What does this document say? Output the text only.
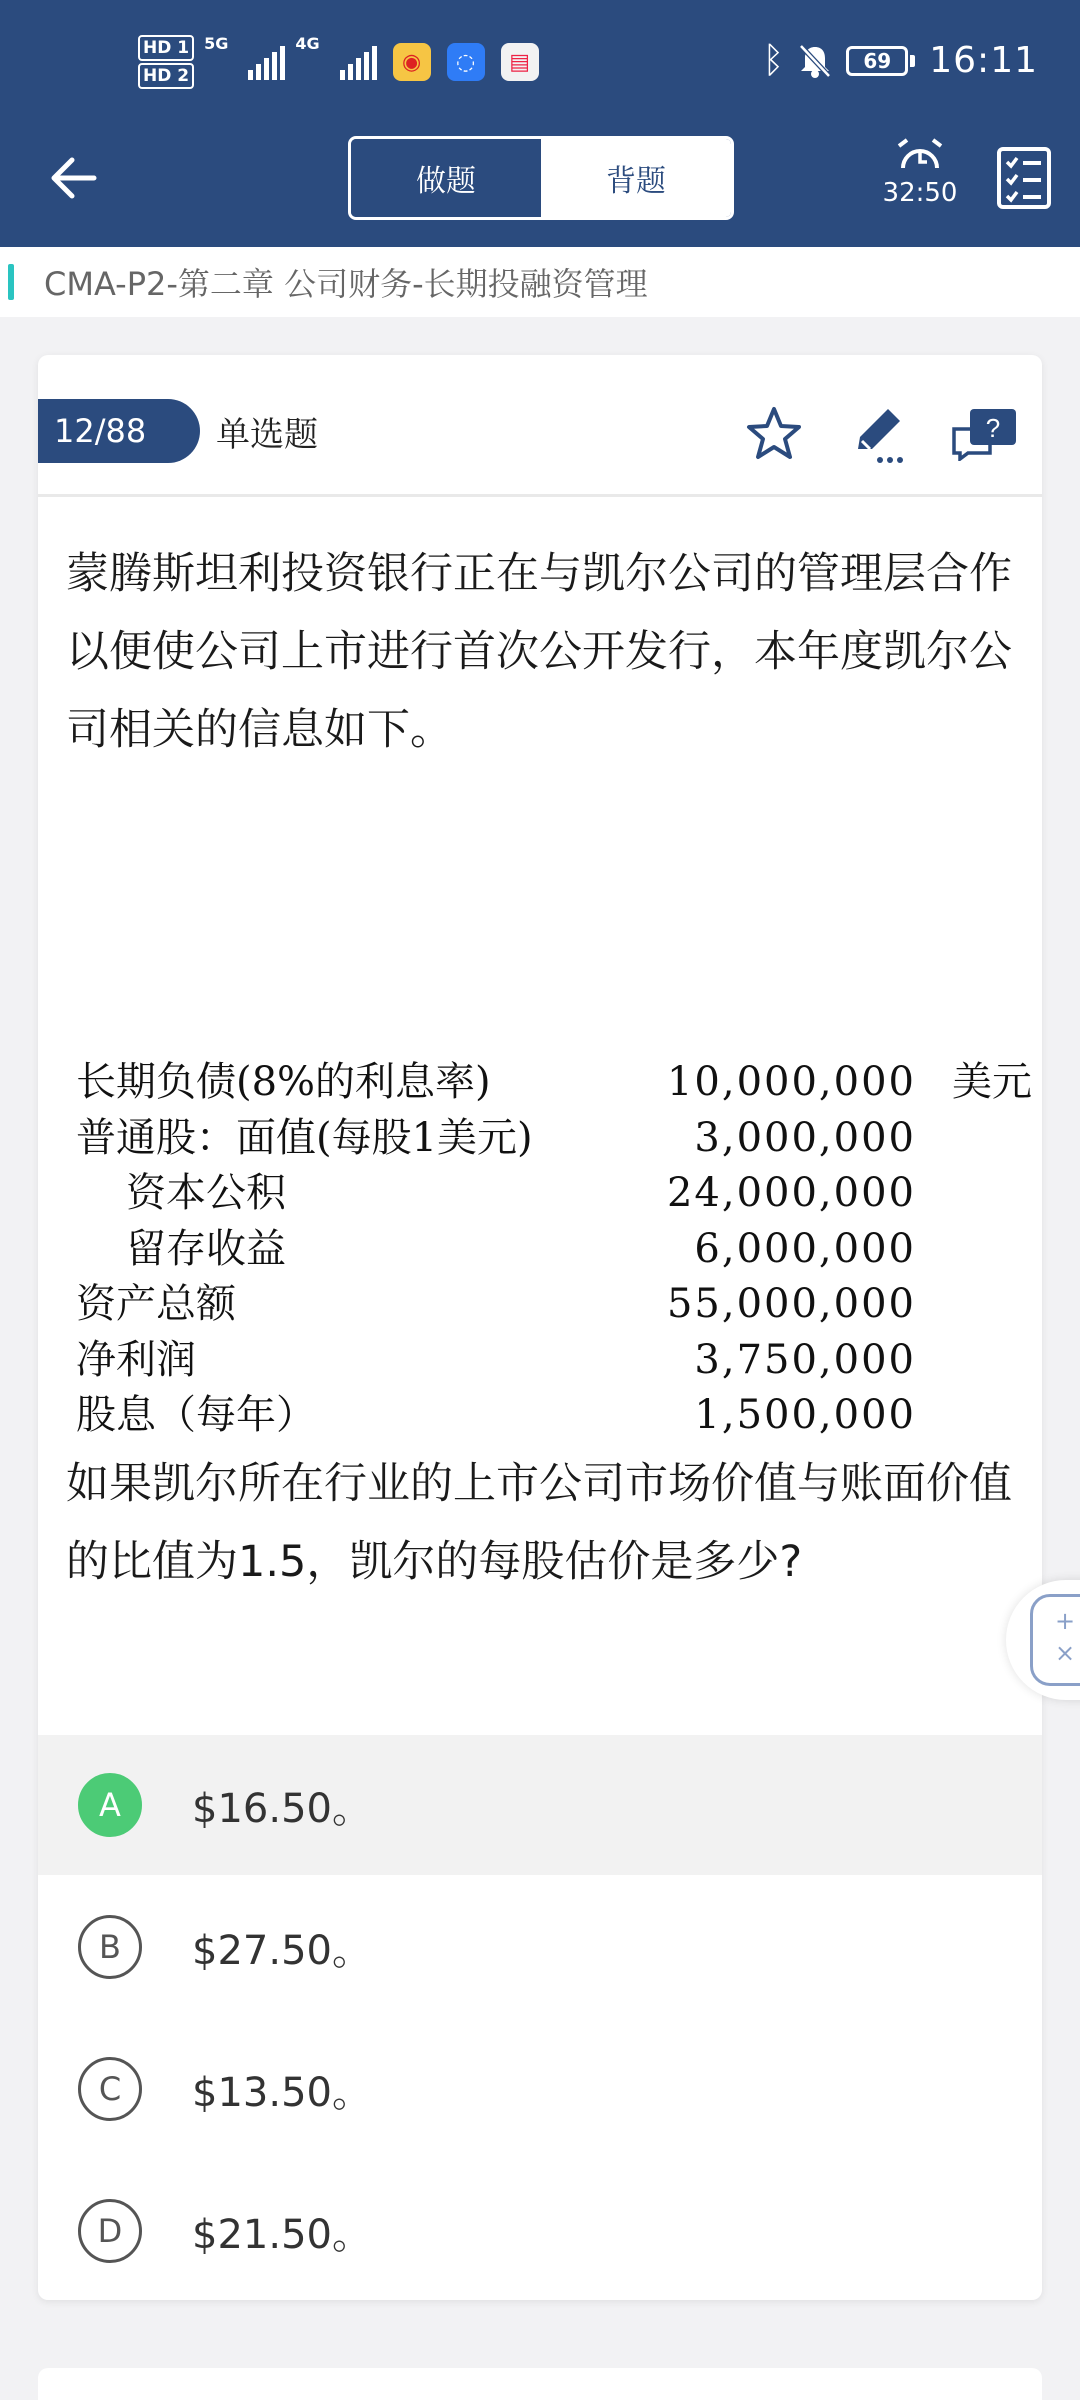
HD 1
HD 2
5G	4G
◉	◌	▤	ᛒ	69	16:11
做题	背题	32:50
CMA-P2-第二章 公司财务-长期投融资管理
12/88	单选题	?
蒙腾斯坦利投资银行正在与凯尔公司的管理层合作以便使公司上市进行首次公开发行，本年度凯尔公司相关的信息如下。
长期负债(8%的利息率)	10,000,000 美元
普通股：面值(每股1美元)	3,000,000
资本公积	24,000,000
留存收益	6,000,000
资产总额	55,000,000
净利润	3,750,000
股息（每年）	1,500,000
如果凯尔所在行业的上市公司市场价值与账面价值的比值为1.5，凯尔的每股估价是多少?
A	$16.50。
B	$27.50。
C	$13.50。
D	$21.50。
+
×
